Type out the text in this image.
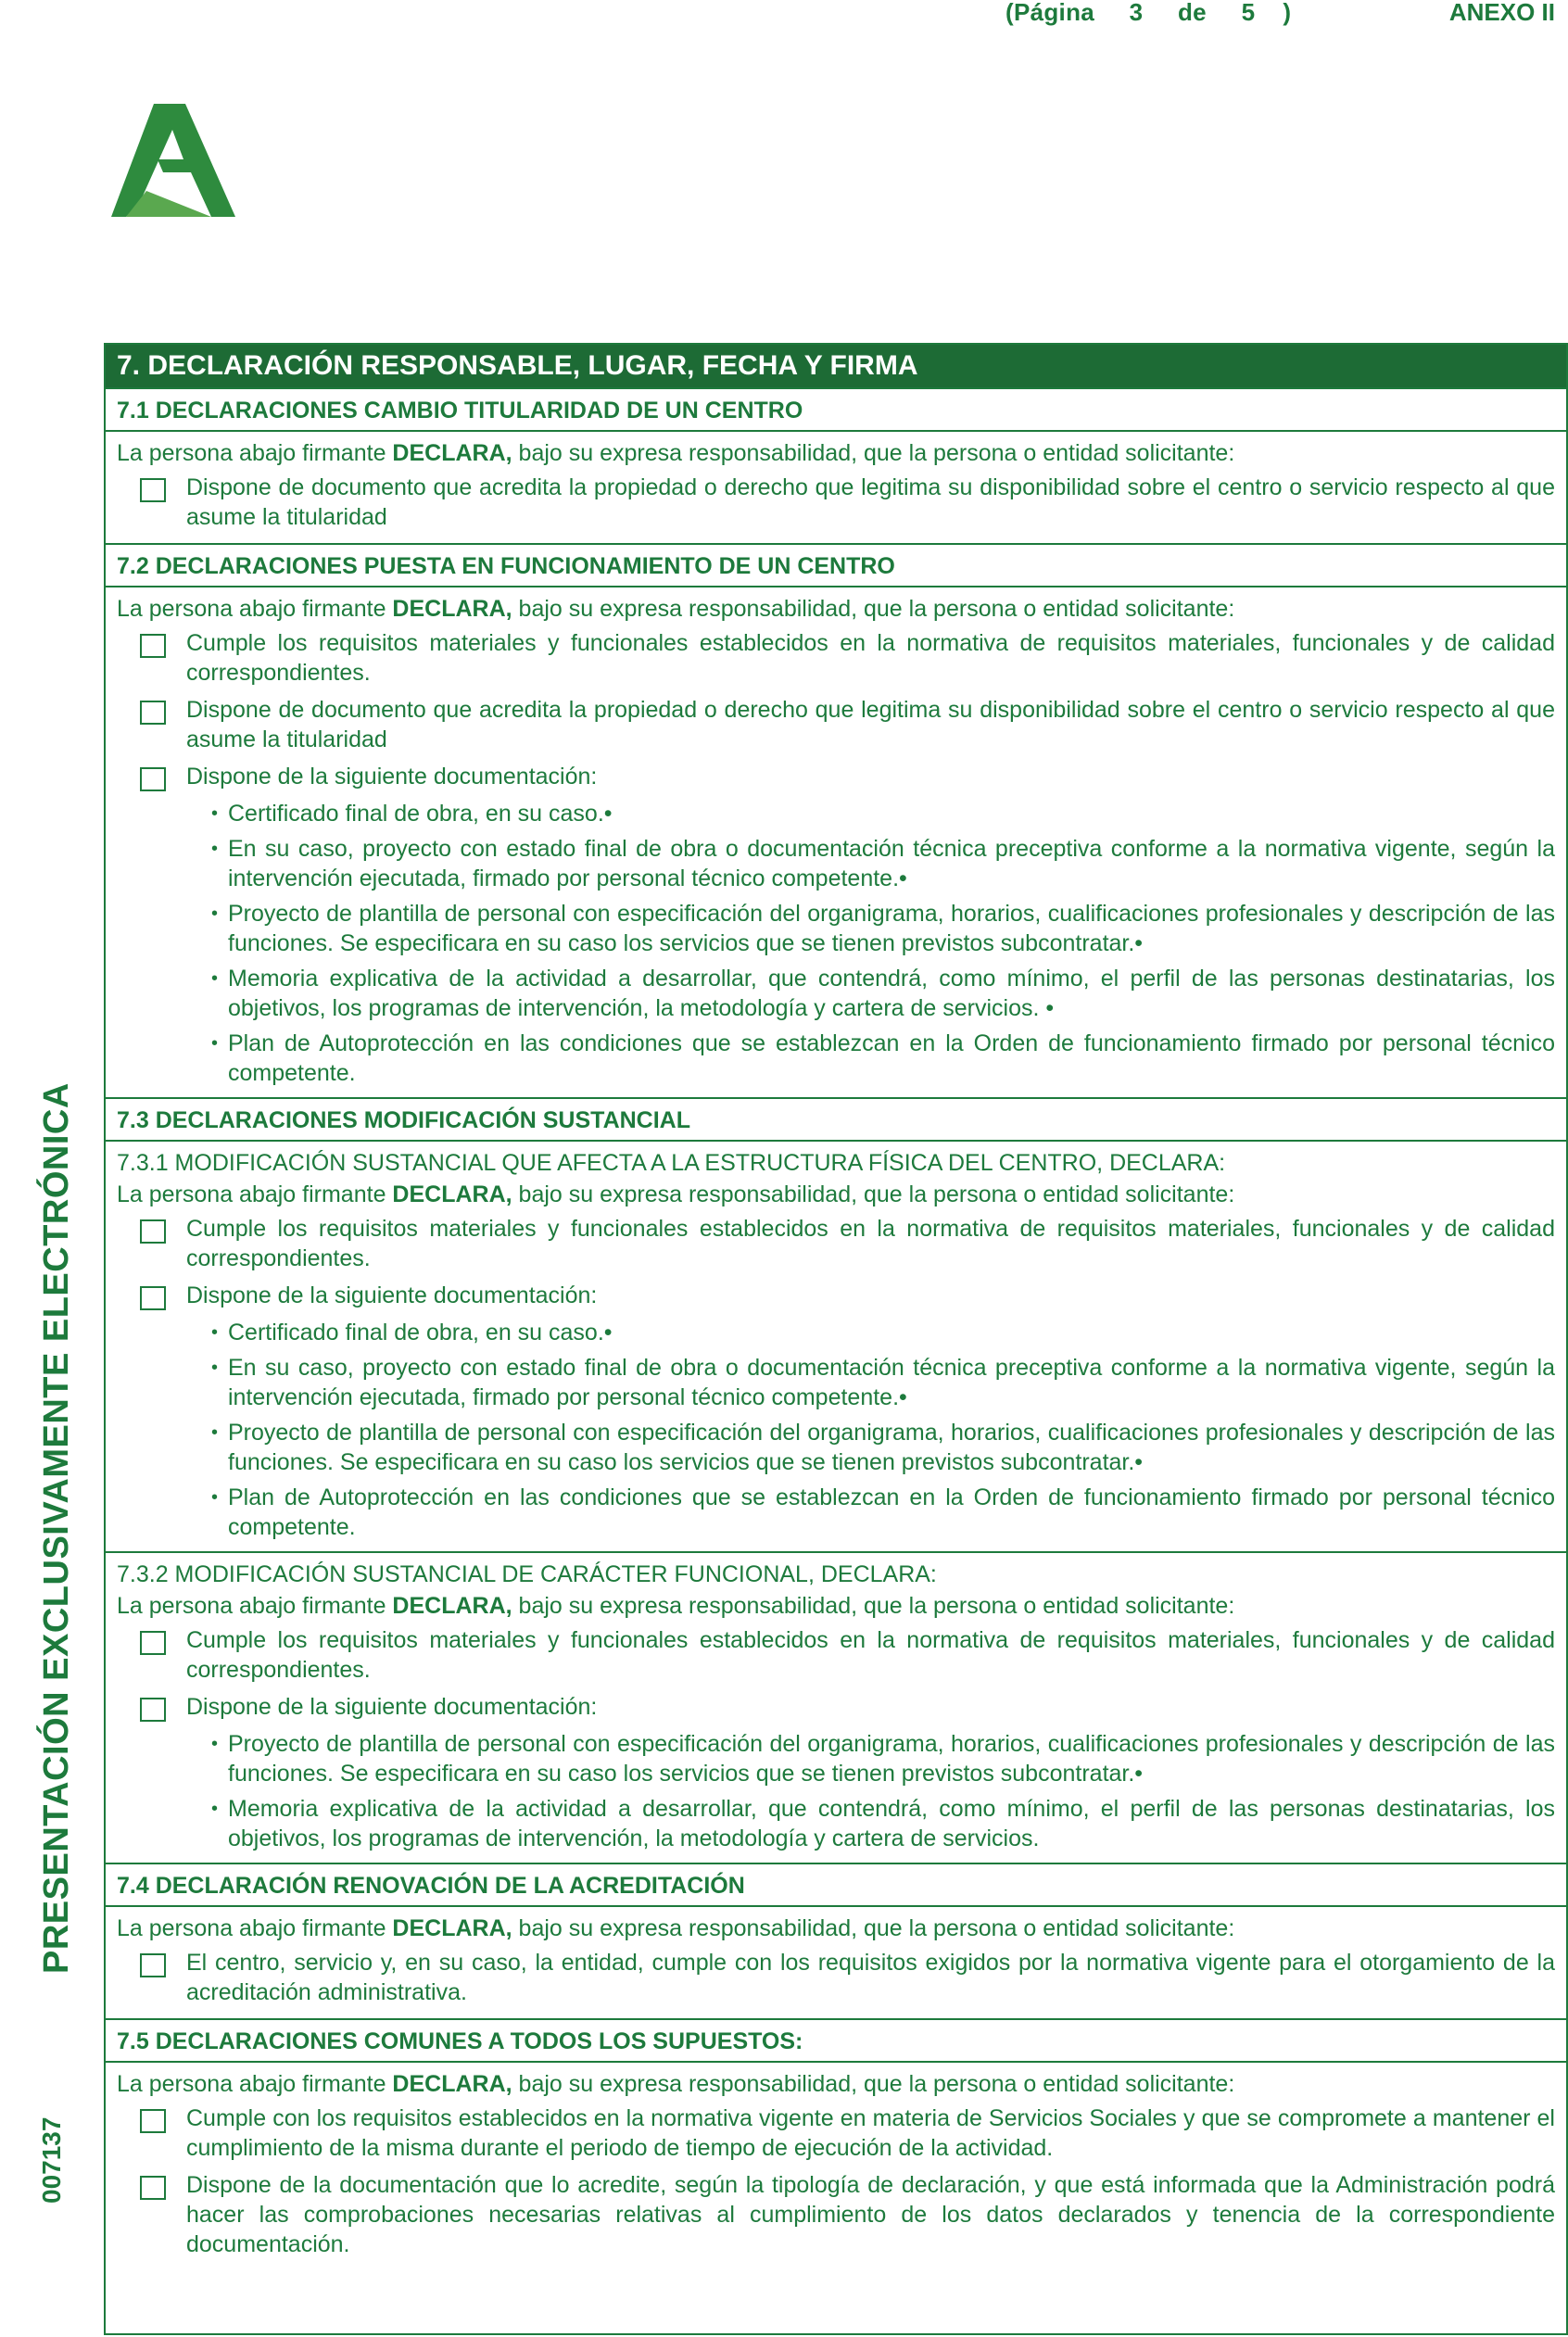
(Página     3     de     5    )	ANEXO II
PRESENTACIÓN EXCLUSIVAMENTE ELECTRÓNICA
007137
7. DECLARACIÓN RESPONSABLE, LUGAR, FECHA Y FIRMA
7.1 DECLARACIONES CAMBIO TITULARIDAD DE UN CENTRO
La persona abajo firmante DECLARA, bajo su expresa responsabilidad, que la persona o entidad solicitante:
Dispone de documento que acredita la propiedad o derecho que legitima su disponibilidad sobre el centro o servicio respecto al que asume la titularidad
7.2 DECLARACIONES PUESTA EN FUNCIONAMIENTO DE UN CENTRO
La persona abajo firmante DECLARA, bajo su expresa responsabilidad, que la persona o entidad solicitante:
Cumple los requisitos materiales y funcionales establecidos en la normativa de requisitos materiales, funcionales y de calidad correspondientes.
Dispone de documento que acredita la propiedad o derecho que legitima su disponibilidad sobre el centro o servicio respecto al que asume la titularidad
Dispone de la siguiente documentación:
• Certificado final de obra, en su caso.•
• En su caso, proyecto con estado final de obra o documentación técnica preceptiva conforme a la normativa vigente, según la intervención ejecutada, firmado por personal técnico competente.•
• Proyecto de plantilla de personal con especificación del organigrama, horarios, cualificaciones profesionales y descripción de las funciones. Se especificara en su caso los servicios que se tienen previstos subcontratar.•
• Memoria explicativa de la actividad a desarrollar, que contendrá, como mínimo, el perfil de las personas destinatarias, los objetivos, los programas de intervención, la metodología y cartera de servicios. •
• Plan de Autoprotección en las condiciones que se establezcan en la Orden de funcionamiento firmado por personal técnico competente.
7.3 DECLARACIONES MODIFICACIÓN SUSTANCIAL
7.3.1 MODIFICACIÓN SUSTANCIAL QUE AFECTA A LA ESTRUCTURA FÍSICA DEL CENTRO, DECLARA:
La persona abajo firmante DECLARA, bajo su expresa responsabilidad, que la persona o entidad solicitante:
Cumple los requisitos materiales y funcionales establecidos en la normativa de requisitos materiales, funcionales y de calidad correspondientes.
Dispone de la siguiente documentación:
• Certificado final de obra, en su caso.•
• En su caso, proyecto con estado final de obra o documentación técnica preceptiva conforme a la normativa vigente, según la intervención ejecutada, firmado por personal técnico competente.•
• Proyecto de plantilla de personal con especificación del organigrama, horarios, cualificaciones profesionales y descripción de las funciones. Se especificara en su caso los servicios que se tienen previstos subcontratar.•
• Plan de Autoprotección en las condiciones que se establezcan en la Orden de funcionamiento firmado por personal técnico competente.
7.3.2 MODIFICACIÓN SUSTANCIAL DE CARÁCTER FUNCIONAL, DECLARA:
La persona abajo firmante DECLARA, bajo su expresa responsabilidad, que la persona o entidad solicitante:
Cumple los requisitos materiales y funcionales establecidos en la normativa de requisitos materiales, funcionales y de calidad correspondientes.
Dispone de la siguiente documentación:
• Proyecto de plantilla de personal con especificación del organigrama, horarios, cualificaciones profesionales y descripción de las funciones. Se especificara en su caso los servicios que se tienen previstos subcontratar.•
• Memoria explicativa de la actividad a desarrollar, que contendrá, como mínimo, el perfil de las personas destinatarias, los objetivos, los programas de intervención, la metodología y cartera de servicios.
7.4 DECLARACIÓN RENOVACIÓN DE LA ACREDITACIÓN
La persona abajo firmante DECLARA, bajo su expresa responsabilidad, que la persona o entidad solicitante:
El centro, servicio y, en su caso, la entidad, cumple con los requisitos exigidos por la normativa vigente para el otorgamiento de la acreditación administrativa.
7.5 DECLARACIONES COMUNES A TODOS LOS SUPUESTOS:
La persona abajo firmante DECLARA, bajo su expresa responsabilidad, que la persona o entidad solicitante:
Cumple con los requisitos establecidos en la normativa vigente en materia de Servicios Sociales y que se compromete a mantener el cumplimiento de la misma durante el periodo de tiempo de ejecución de la actividad.
Dispone de la documentación que lo acredite, según la tipología de declaración, y que está informada que la Administración podrá hacer las comprobaciones necesarias relativas al cumplimiento de los datos declarados y tenencia de la correspondiente documentación.
